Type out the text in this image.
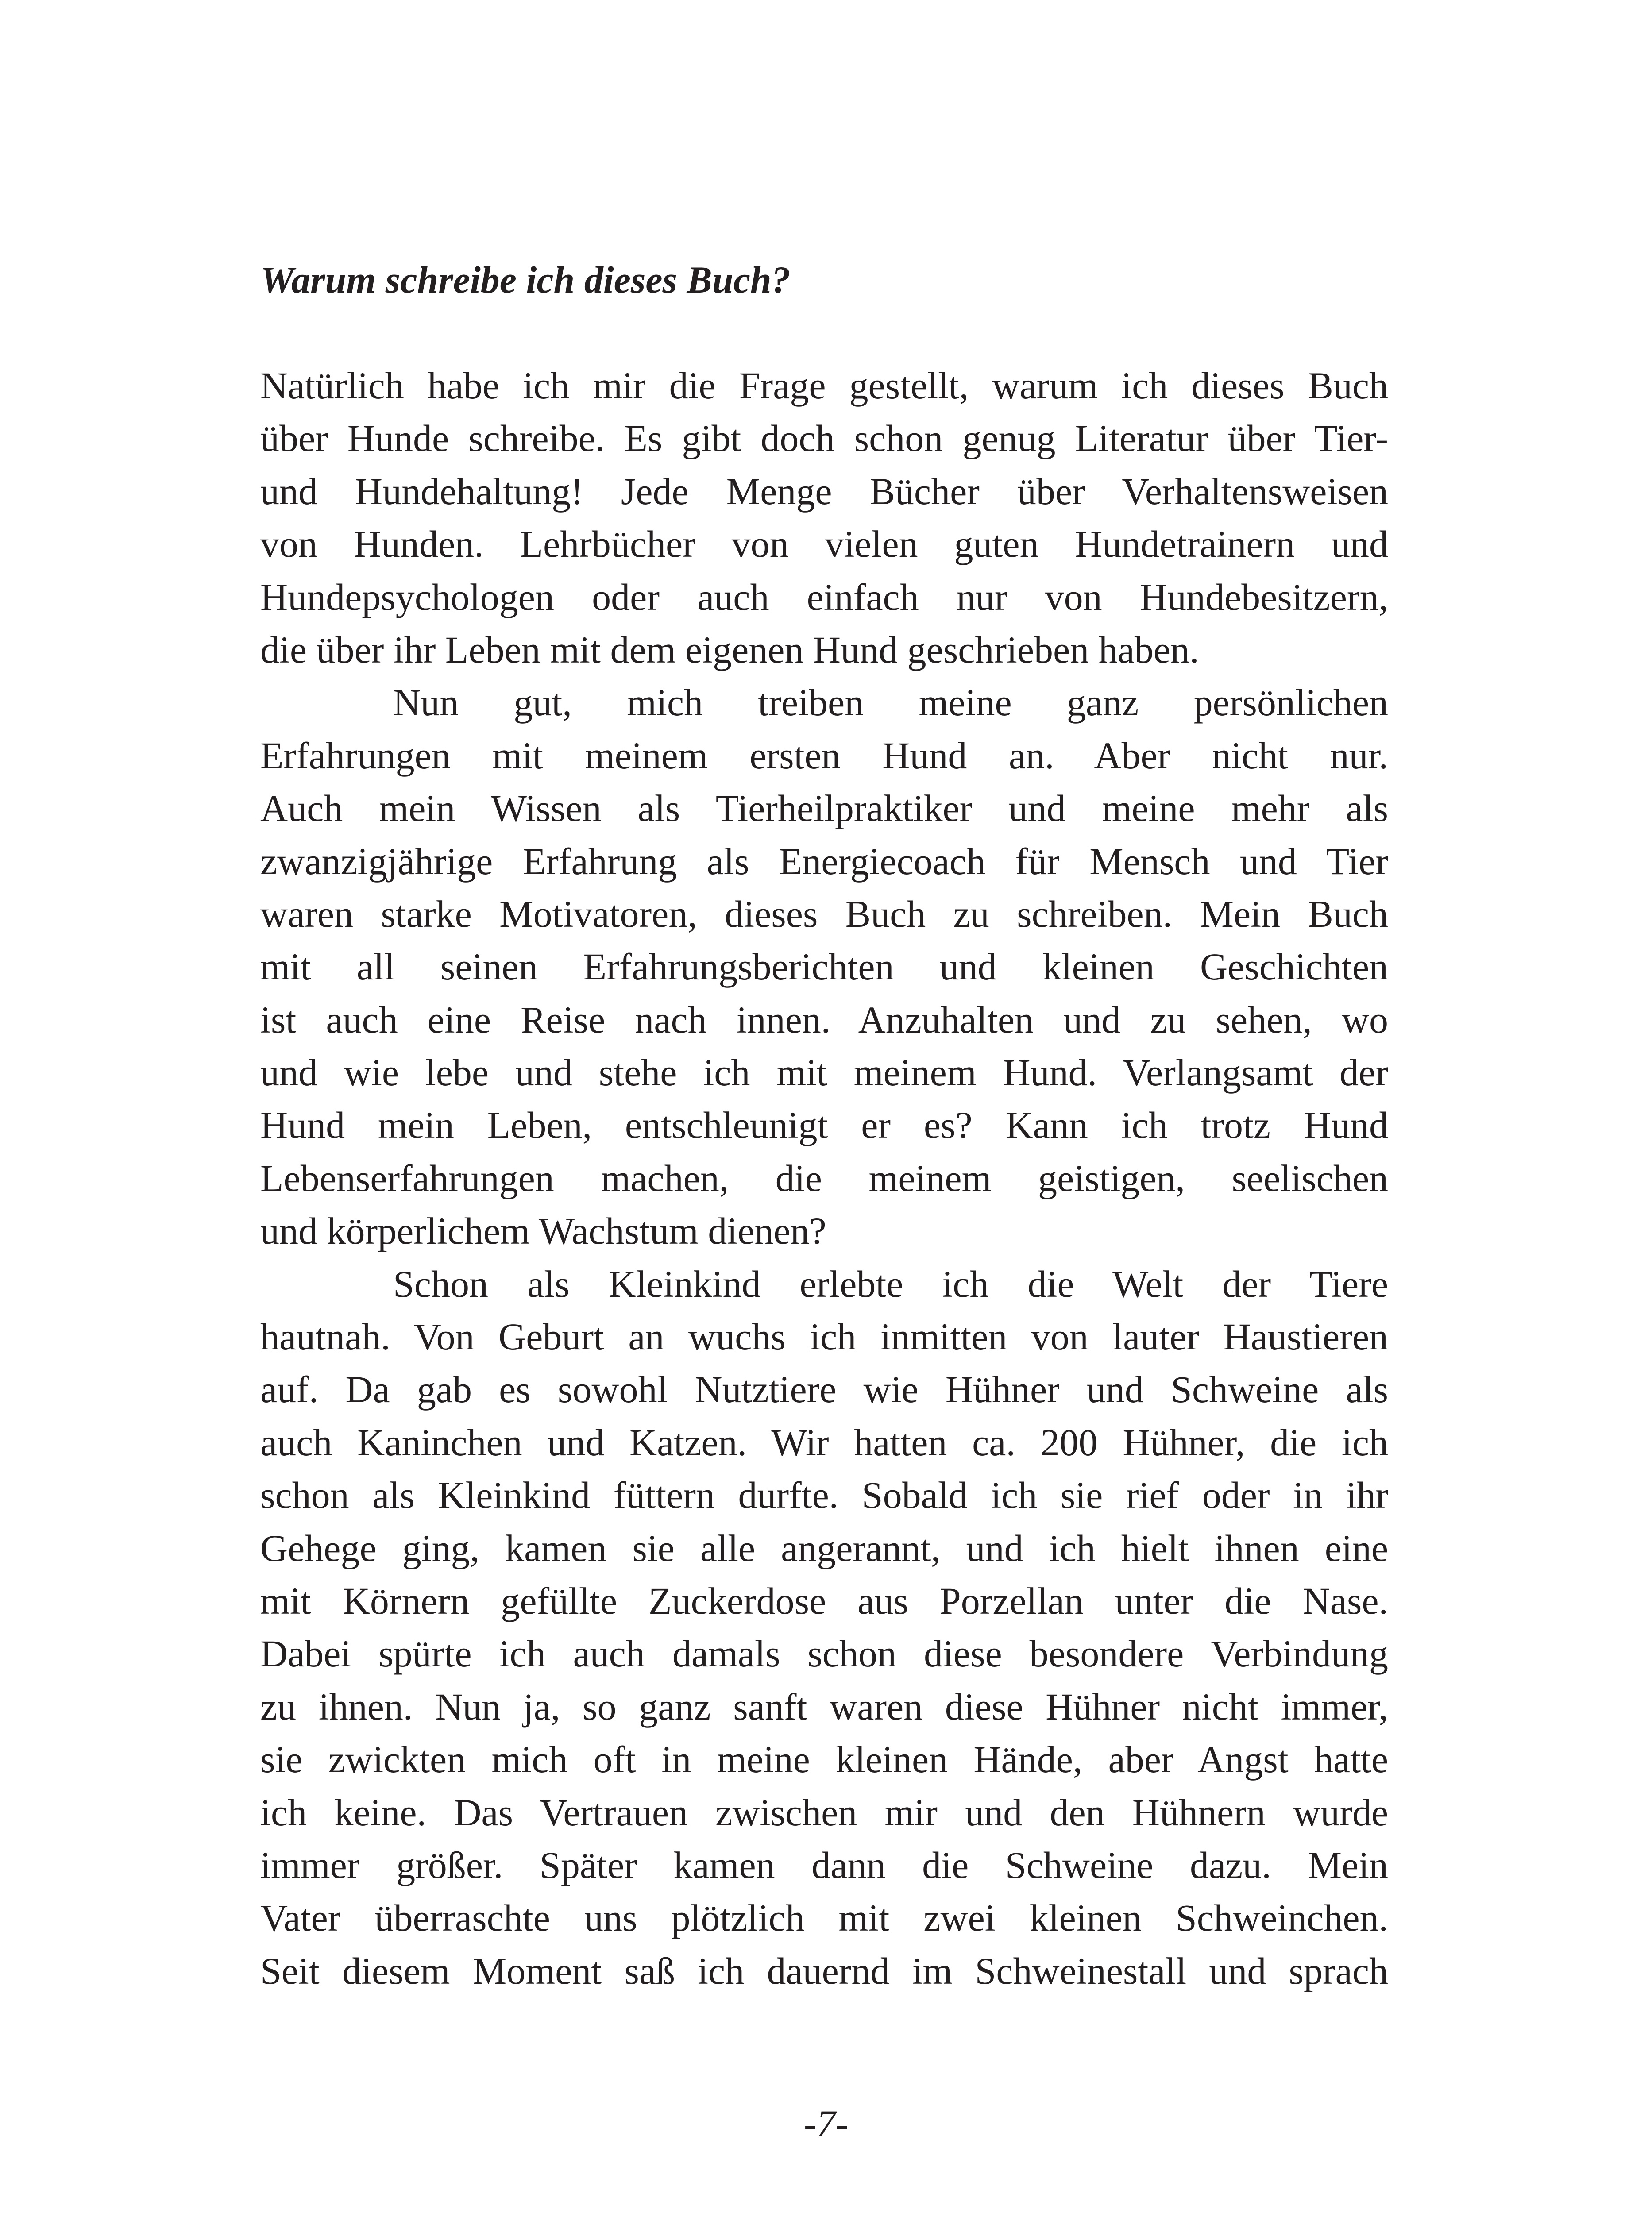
Warum schreibe ich dieses Buch?
Natürlich habe ich mir die Frage gestellt, warum ich dieses Buch
über Hunde schreibe. Es gibt doch schon genug Literatur über Tier-
und Hundehaltung! Jede Menge Bücher über Verhaltensweisen
von Hunden. Lehrbücher von vielen guten Hundetrainern und
Hundepsychologen oder auch einfach nur von Hundebesitzern,
die über ihr Leben mit dem eigenen Hund geschrieben haben.
Nun gut, mich treiben meine ganz persönlichen
Erfahrungen mit meinem ersten Hund an. Aber nicht nur.
Auch mein Wissen als Tierheilpraktiker und meine mehr als
zwanzigjährige Erfahrung als Energiecoach für Mensch und Tier
waren starke Motivatoren, dieses Buch zu schreiben. Mein Buch
mit all seinen Erfahrungsberichten und kleinen Geschichten
ist auch eine Reise nach innen. Anzuhalten und zu sehen, wo
und wie lebe und stehe ich mit meinem Hund. Verlangsamt der
Hund mein Leben, entschleunigt er es? Kann ich trotz Hund
Lebenserfahrungen machen, die meinem geistigen, seelischen
und körperlichem Wachstum dienen?
Schon als Kleinkind erlebte ich die Welt der Tiere
hautnah. Von Geburt an wuchs ich inmitten von lauter Haustieren
auf. Da gab es sowohl Nutztiere wie Hühner und Schweine als
auch Kaninchen und Katzen. Wir hatten ca. 200 Hühner, die ich
schon als Kleinkind füttern durfte. Sobald ich sie rief oder in ihr
Gehege ging, kamen sie alle angerannt, und ich hielt ihnen eine
mit Körnern gefüllte Zuckerdose aus Porzellan unter die Nase.
Dabei spürte ich auch damals schon diese besondere Verbindung
zu ihnen. Nun ja, so ganz sanft waren diese Hühner nicht immer,
sie zwickten mich oft in meine kleinen Hände, aber Angst hatte
ich keine. Das Vertrauen zwischen mir und den Hühnern wurde
immer größer. Später kamen dann die Schweine dazu. Mein
Vater überraschte uns plötzlich mit zwei kleinen Schweinchen.
Seit diesem Moment saß ich dauernd im Schweinestall und sprach
-7-
